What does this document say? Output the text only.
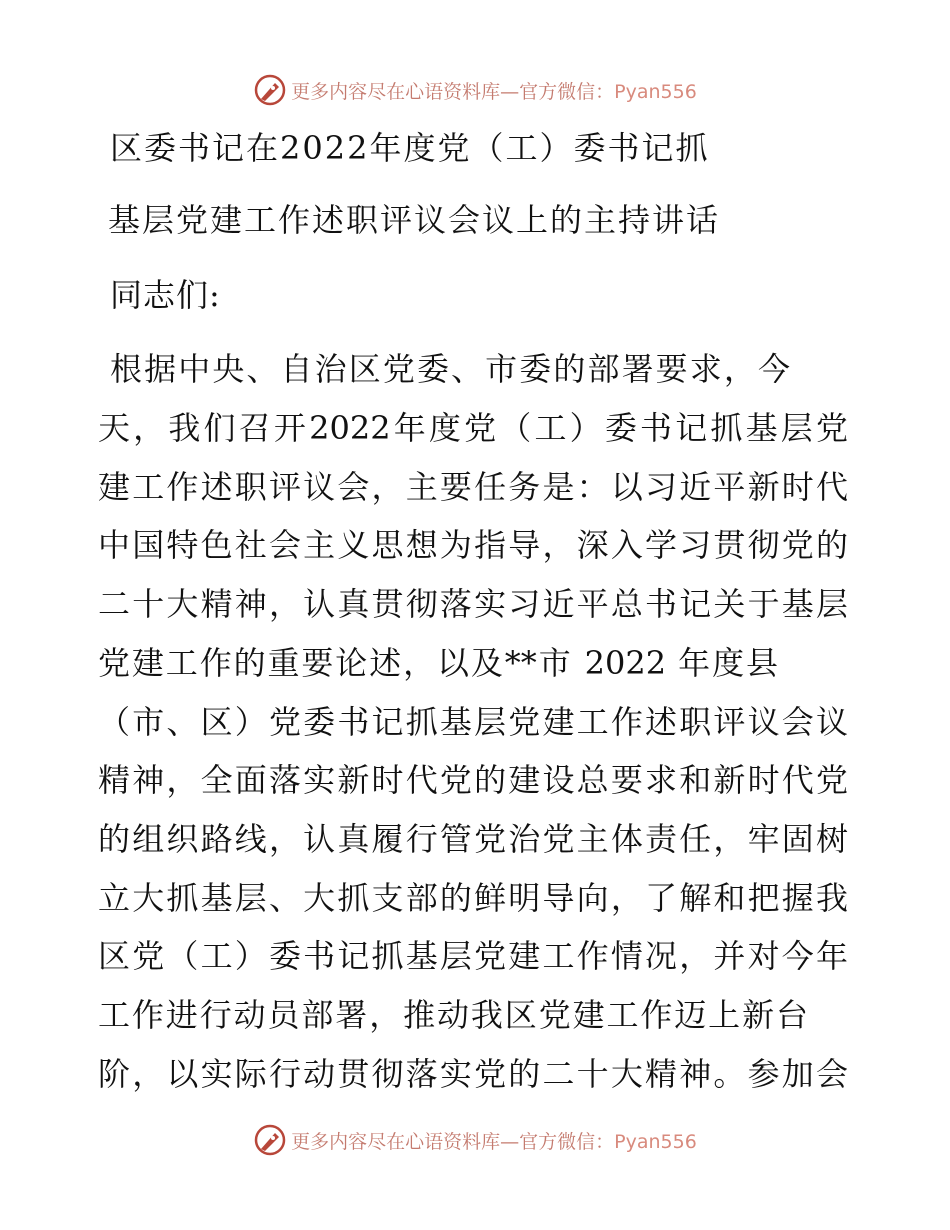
更多内容尽在心语资料库—官方微信：Pyan556
区委书记在2022年度党（工）委书记抓
基层党建工作述职评议会议上的主持讲话
同志们:
根据中央、自治区党委、市委的部署要求，今
天，我们召开2022年度党（工）委书记抓基层党
建工作述职评议会，主要任务是：以习近平新时代
中国特色社会主义思想为指导，深入学习贯彻党的
二十大精神，认真贯彻落实习近平总书记关于基层
党建工作的重要论述，以及**市 2022 年度县
（市、区）党委书记抓基层党建工作述职评议会议
精神，全面落实新时代党的建设总要求和新时代党
的组织路线，认真履行管党治党主体责任，牢固树
立大抓基层、大抓支部的鲜明导向，了解和把握我
区党（工）委书记抓基层党建工作情况，并对今年
工作进行动员部署，推动我区党建工作迈上新台
阶，以实际行动贯彻落实党的二十大精神。参加会
更多内容尽在心语资料库—官方微信：Pyan556
